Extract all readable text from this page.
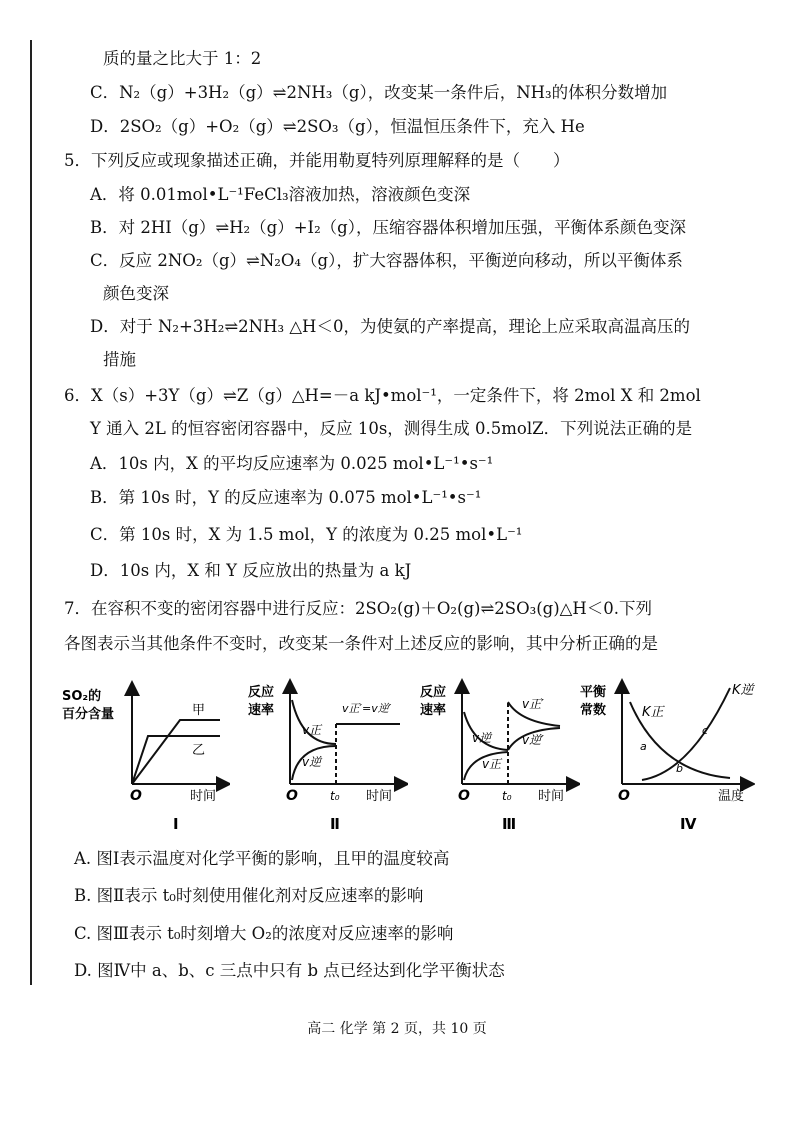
质的量之比大于 1：2
C．N₂（g）+3H₂（g）⇌2NH₃（g），改变某一条件后，NH₃的体积分数增加
D．2SO₂（g）+O₂（g）⇌2SO₃（g），恒温恒压条件下，充入 He
5．下列反应或现象描述正确，并能用勒夏特列原理解释的是（　　）
A．将 0.01mol•L⁻¹FeCl₃溶液加热，溶液颜色变深
B．对 2HI（g）⇌H₂（g）+I₂（g），压缩容器体积增加压强，平衡体系颜色变深
C．反应 2NO₂（g）⇌N₂O₄（g），扩大容器体积，平衡逆向移动，所以平衡体系
颜色变深
D．对于 N₂+3H₂⇌2NH₃ △H＜0，为使氨的产率提高，理论上应采取高温高压的
措施
6．X（s）+3Y（g）⇌Z（g）△H=－a kJ•mol⁻¹，一定条件下，将 2mol X 和 2mol
Y 通入 2L 的恒容密闭容器中，反应 10s，测得生成 0.5molZ．下列说法正确的是
A．10s 内，X 的平均反应速率为 0.025 mol•L⁻¹•s⁻¹
B．第 10s 时，Y 的反应速率为 0.075 mol•L⁻¹•s⁻¹
C．第 10s 时，X 为 1.5 mol，Y 的浓度为 0.25 mol•L⁻¹
D．10s 内，X 和 Y 反应放出的热量为 a kJ
7．在容积不变的密闭容器中进行反应：2SO₂(g)＋O₂(g)⇌2SO₃(g)△H＜0.下列
各图表示当其他条件不变时，改变某一条件对上述反应的影响，其中分析正确的是
SO₂的
百分含量	甲
乙
O	时间
Ⅰ
反应
速率	v正′=v逆′
v正
v逆
O	t₀ 时间
Ⅱ
反应
速率	v正′
v逆′
v逆
v正
O	t₀ 时间
Ⅲ
平衡
常数	K正
K逆
a
b
c
O	温度
Ⅳ
A. 图Ⅰ表示温度对化学平衡的影响，且甲的温度较高
B. 图Ⅱ表示 t₀时刻使用催化剂对反应速率的影响
C. 图Ⅲ表示 t₀时刻增大 O₂的浓度对反应速率的影响
D. 图Ⅳ中 a、b、c 三点中只有 b 点已经达到化学平衡状态
高二 化学 第 2 页，共 10 页
